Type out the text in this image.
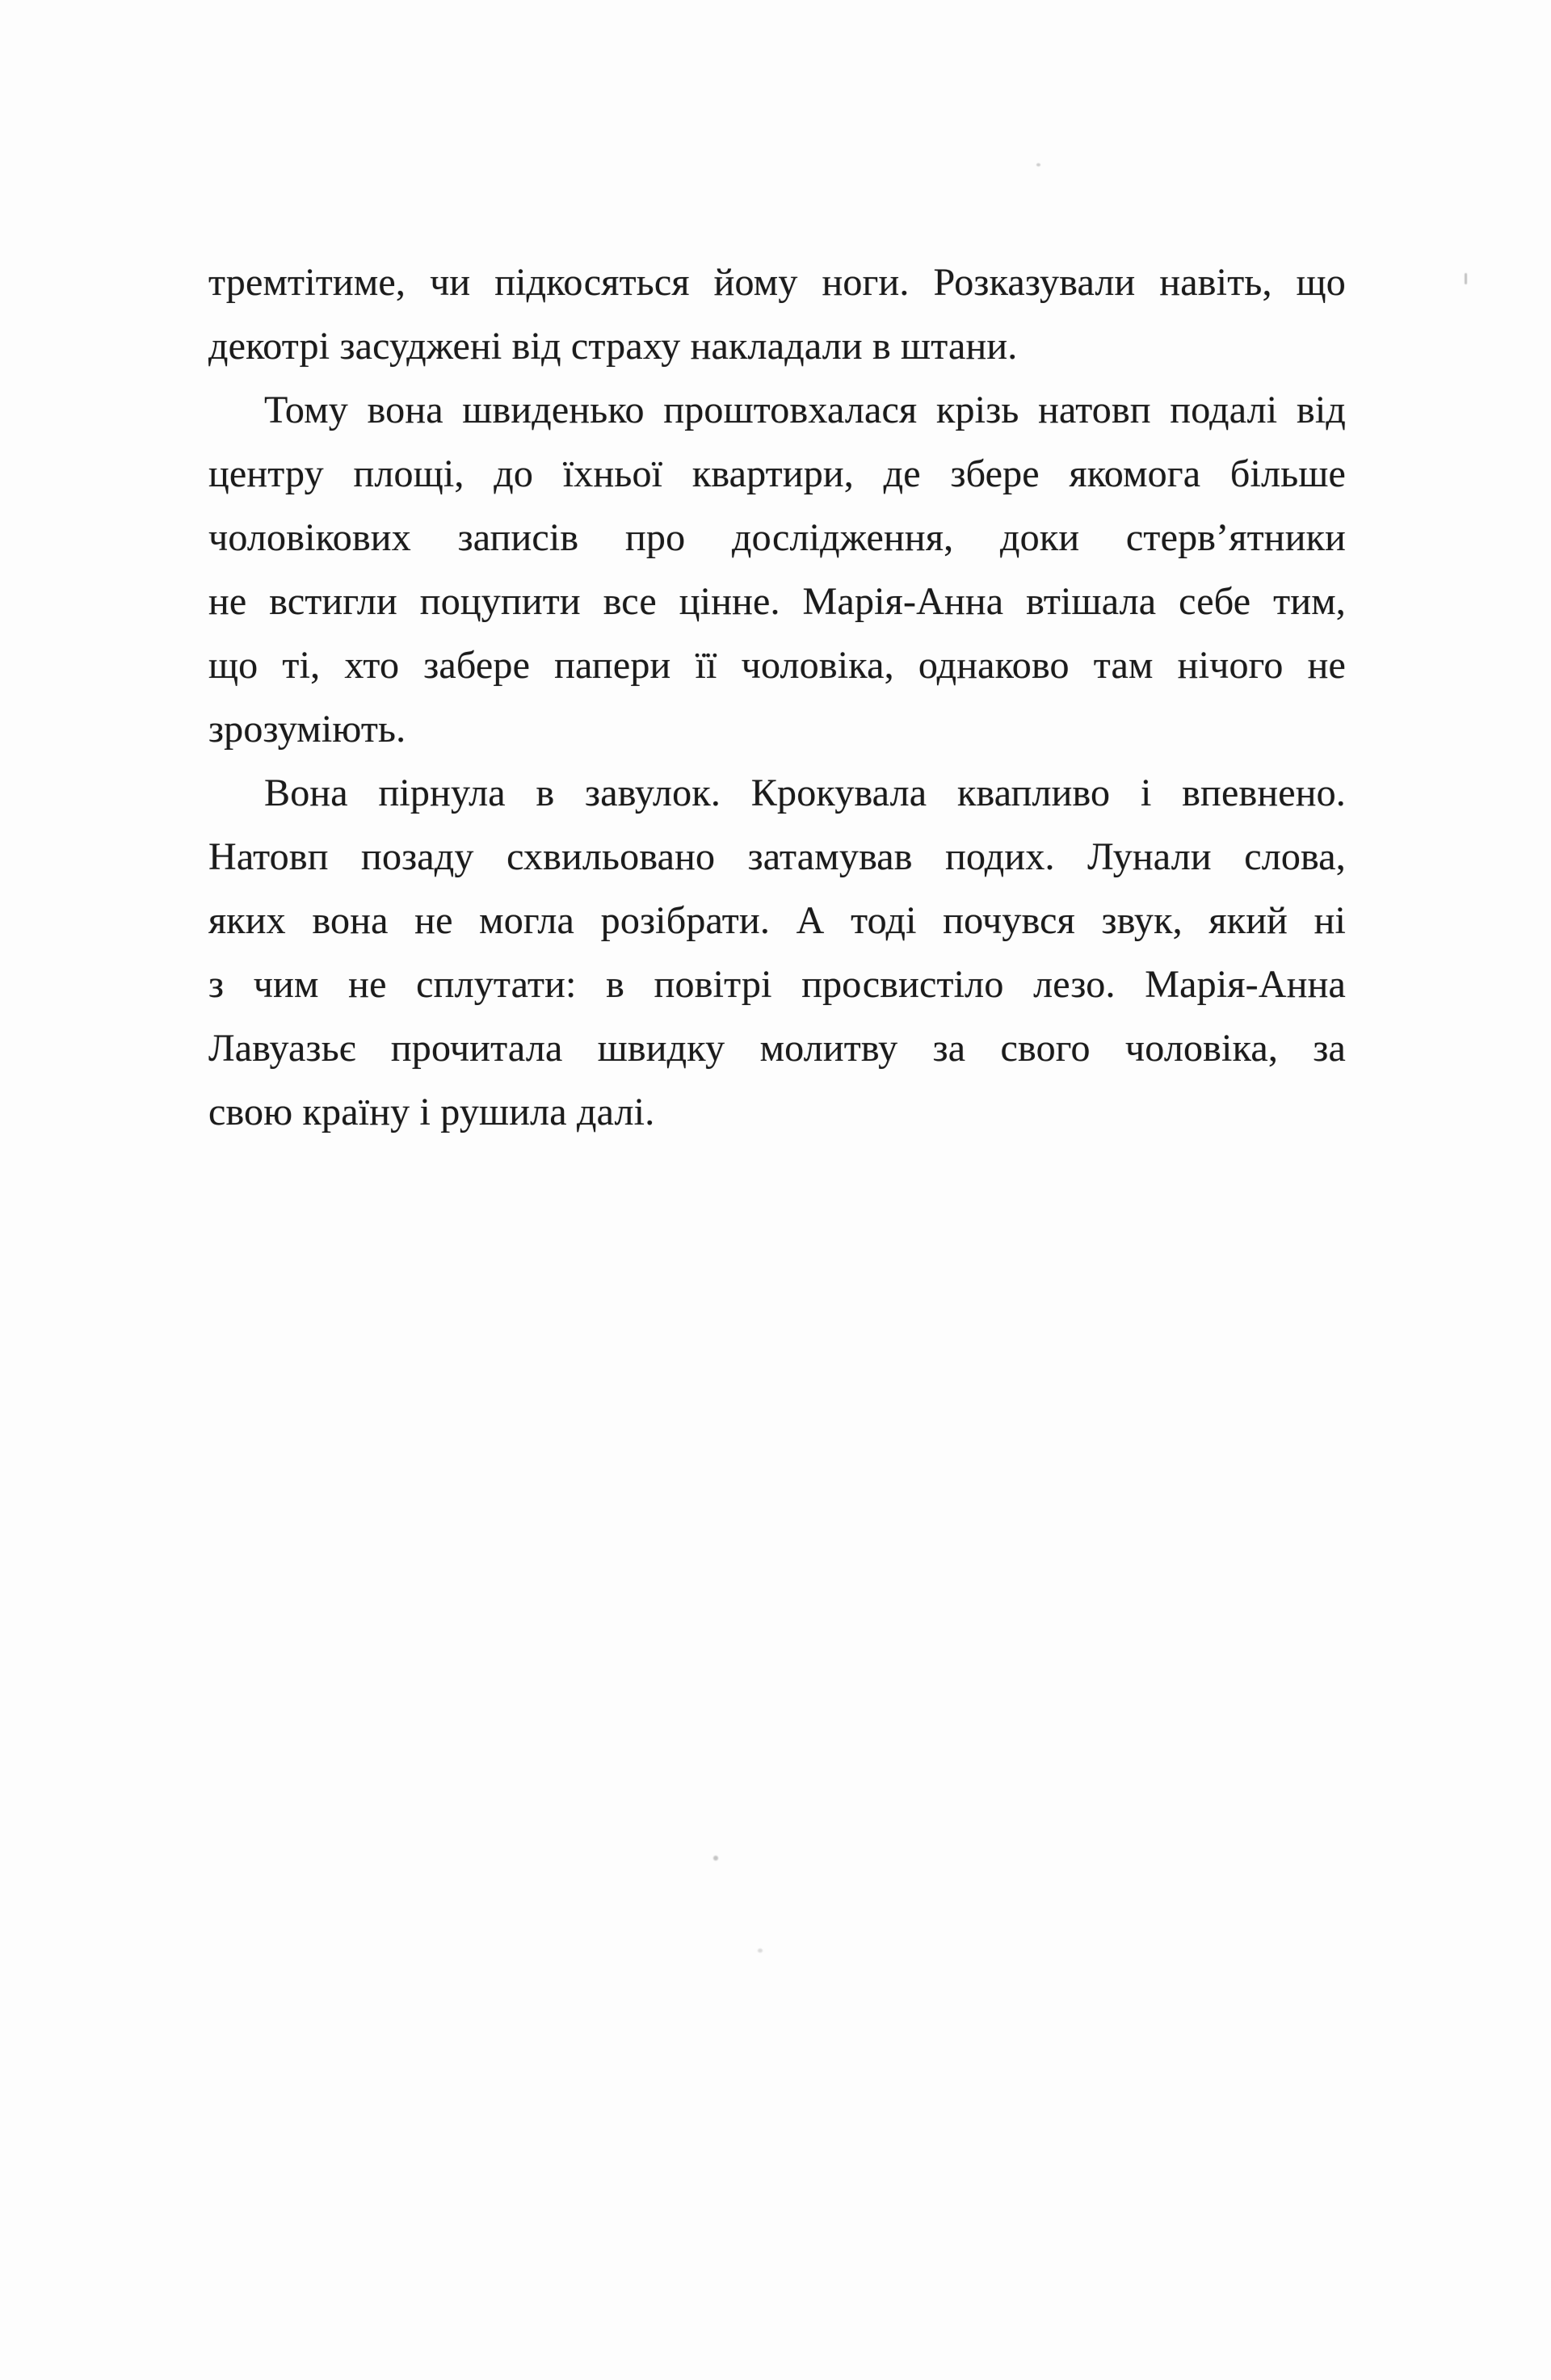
тремтітиме, чи підкосяться йому ноги. Розказували навіть, що
декотрі засуджені від страху накладали в штани.
Тому вона швиденько проштовхалася крізь натовп подалі від
центру площі, до їхньої квартири, де збере якомога більше
чоловікових записів про дослідження, доки стерв’ятники
не встигли поцупити все цінне. Марія-Анна втішала себе тим,
що ті, хто забере папери її чоловіка, однаково там нічого не
зрозуміють.
Вона пірнула в завулок. Крокувала квапливо і впевнено.
Натовп позаду схвильовано затамував подих. Лунали слова,
яких вона не могла розібрати. А тоді почувся звук, який ні
з чим не сплутати: в повітрі просвистіло лезо. Марія-Анна
Лавуазьє прочитала швидку молитву за свого чоловіка, за
свою країну і рушила далі.
